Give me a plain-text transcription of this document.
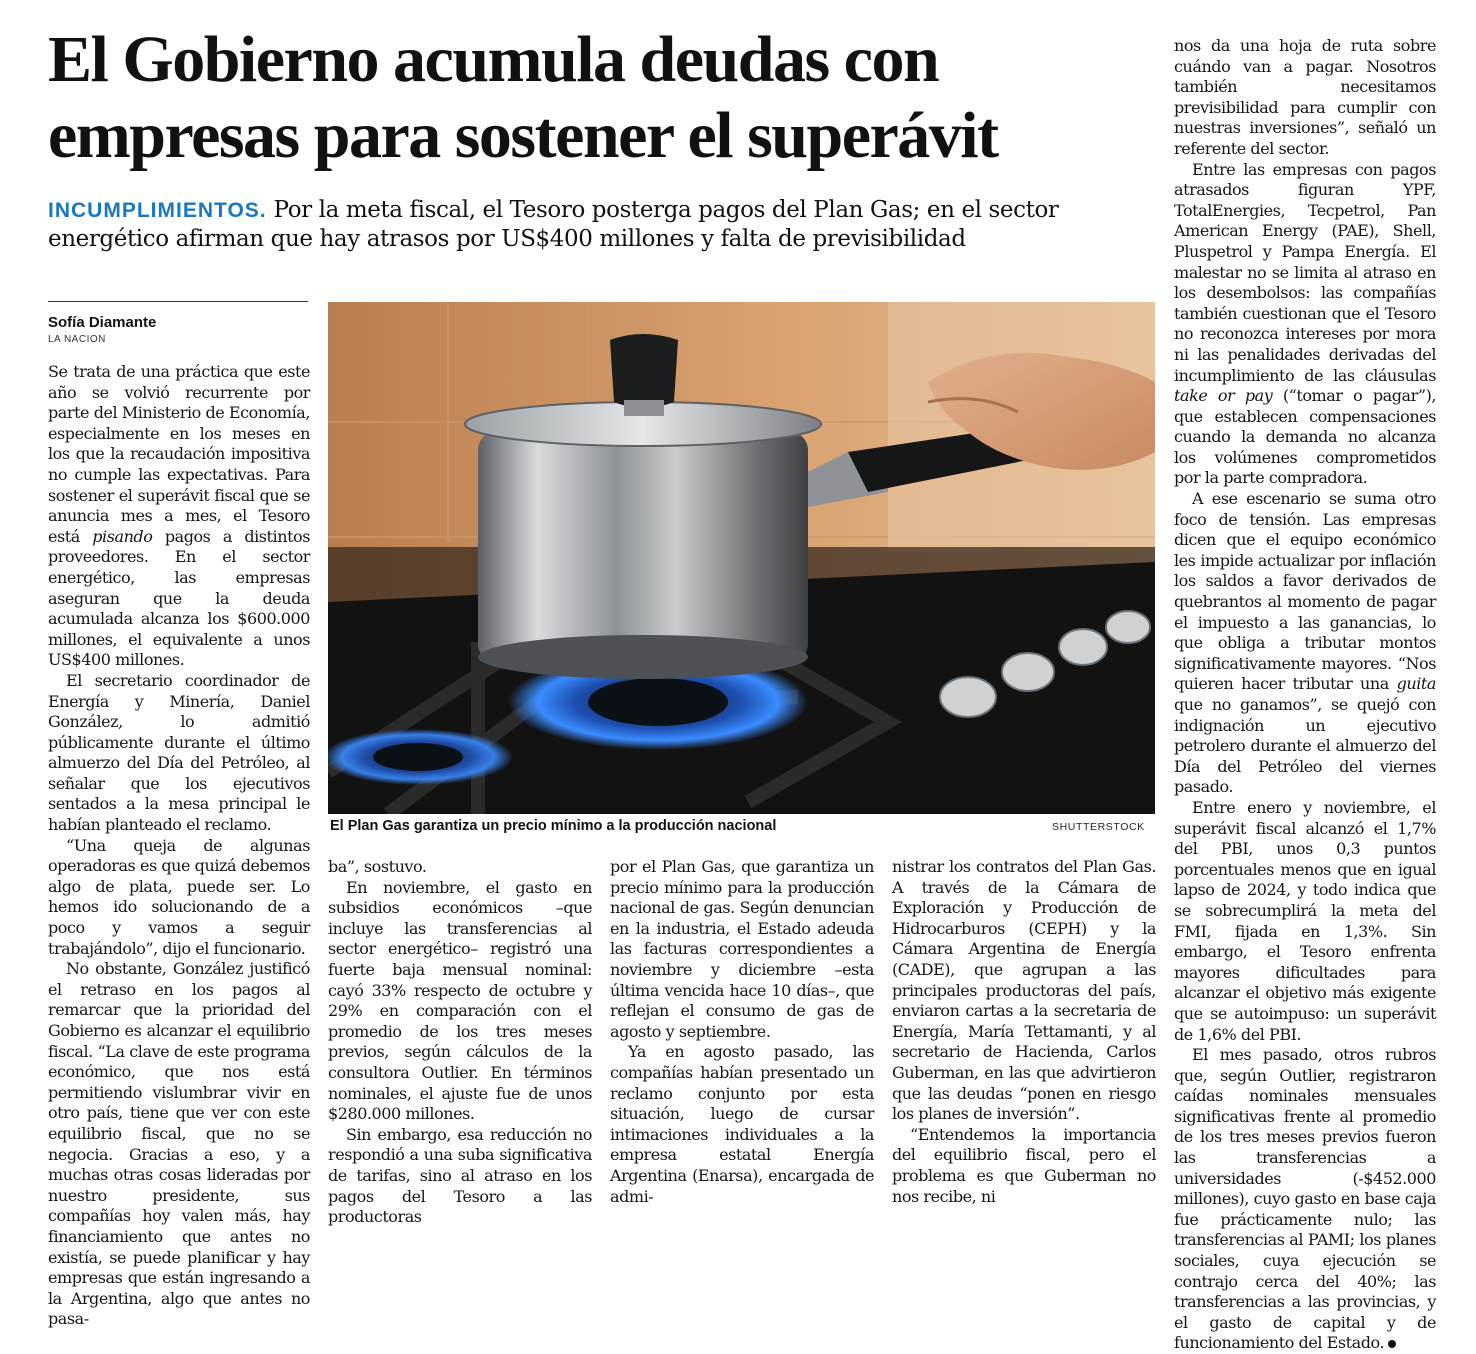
El Gobierno acumula deudas con empresas para sostener el superávit

INCUMPLIMIENTOS. Por la meta fiscal, el Tesoro posterga pagos del Plan Gas; en el sector energético afirman que hay atrasos por US$400 millones y falta de previsibilidad

Sofía Diamante
LA NACION

Se trata de una práctica que este año se volvió recurrente por parte del Ministerio de Economía, especialmente en los meses en los que la recaudación impositiva no cumple las expectativas. Para sostener el superávit fiscal que se anuncia mes a mes, el Tesoro está pisando pagos a distintos proveedores. En el sector energético, las empresas aseguran que la deuda acumulada alcanza los $600.000 millones, el equivalente a unos US$400 millones.

El secretario coordinador de Energía y Minería, Daniel González, lo admitió públicamente durante el último almuerzo del Día del Petróleo, al señalar que los ejecutivos sentados a la mesa principal le habían planteado el reclamo.

“Una queja de algunas operadoras es que quizá debemos algo de plata, puede ser. Lo hemos ido solucionando de a poco y vamos a seguir trabajándolo”, dijo el funcionario.

No obstante, González justificó el retraso en los pagos al remarcar que la prioridad del Gobierno es alcanzar el equilibrio fiscal. “La clave de este programa económico, que nos está permitiendo vislumbrar vivir en otro país, tiene que ver con este equilibrio fiscal, que no se negocia. Gracias a eso, y a muchas otras cosas lideradas por nuestro presidente, sus compañías hoy valen más, hay financiamiento que antes no existía, se puede planificar y hay empresas que están ingresando a la Argentina, algo que antes no pasa-

El Plan Gas garantiza un precio mínimo a la producción nacional	SHUTTERSTOCK

ba”, sostuvo.

En noviembre, el gasto en subsidios económicos –que incluye las transferencias al sector energético– registró una fuerte baja mensual nominal: cayó 33% respecto de octubre y 29% en comparación con el promedio de los tres meses previos, según cálculos de la consultora Outlier. En términos nominales, el ajuste fue de unos $280.000 millones.

Sin embargo, esa reducción no respondió a una suba significativa de tarifas, sino al atraso en los pagos del Tesoro a las productoras

por el Plan Gas, que garantiza un precio mínimo para la producción nacional de gas. Según denuncian en la industria, el Estado adeuda las facturas correspondientes a noviembre y diciembre –esta última vencida hace 10 días–, que reflejan el consumo de gas de agosto y septiembre.

Ya en agosto pasado, las compañías habían presentado un reclamo conjunto por esta situación, luego de cursar intimaciones individuales a la empresa estatal Energía Argentina (Enarsa), encargada de admi-

nistrar los contratos del Plan Gas. A través de la Cámara de Exploración y Producción de Hidrocarburos (CEPH) y la Cámara Argentina de Energía (CADE), que agrupan a las principales productoras del país, enviaron cartas a la secretaria de Energía, María Tettamanti, y al secretario de Hacienda, Carlos Guberman, en las que advirtieron que las deudas “ponen en riesgo los planes de inversión”.

“Entendemos la importancia del equilibrio fiscal, pero el problema es que Guberman no nos recibe, ni

nos da una hoja de ruta sobre cuándo van a pagar. Nosotros también necesitamos previsibilidad para cumplir con nuestras inversiones”, señaló un referente del sector.

Entre las empresas con pagos atrasados figuran YPF, TotalEnergies, Tecpetrol, Pan American Energy (PAE), Shell, Pluspetrol y Pampa Energía. El malestar no se limita al atraso en los desembolsos: las compañías también cuestionan que el Tesoro no reconozca intereses por mora ni las penalidades derivadas del incumplimiento de las cláusulas take or pay (“tomar o pagar”), que establecen compensaciones cuando la demanda no alcanza los volúmenes comprometidos por la parte compradora.

A ese escenario se suma otro foco de tensión. Las empresas dicen que el equipo económico les impide actualizar por inflación los saldos a favor derivados de quebrantos al momento de pagar el impuesto a las ganancias, lo que obliga a tributar montos significativamente mayores. “Nos quieren hacer tributar una guita que no ganamos”, se quejó con indignación un ejecutivo petrolero durante el almuerzo del Día del Petróleo del viernes pasado.

Entre enero y noviembre, el superávit fiscal alcanzó el 1,7% del PBI, unos 0,3 puntos porcentuales menos que en igual lapso de 2024, y todo indica que se sobrecumplirá la meta del FMI, fijada en 1,3%. Sin embargo, el Tesoro enfrenta mayores dificultades para alcanzar el objetivo más exigente que se autoimpuso: un superávit de 1,6% del PBI.

El mes pasado, otros rubros que, según Outlier, registraron caídas nominales mensuales significativas frente al promedio de los tres meses previos fueron las transferencias a universidades (-$452.000 millones), cuyo gasto en base caja fue prácticamente nulo; las transferencias al PAMI; los planes sociales, cuya ejecución se contrajo cerca del 40%; las transferencias a las provincias, y el gasto de capital y de funcionamiento del Estado.
